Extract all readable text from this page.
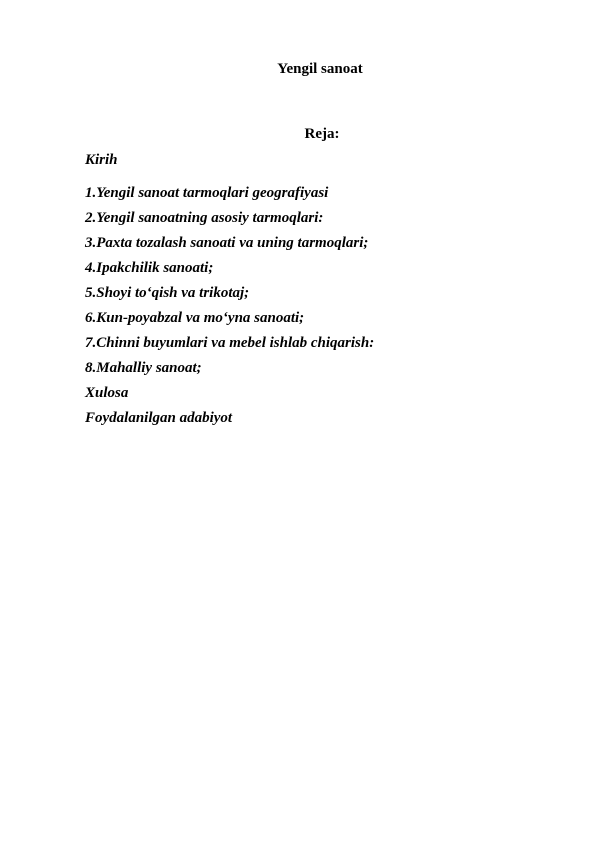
Yengil sanoat

Reja:

Kirih
1.Yengil sanoat tarmoqlari geografiyasi
2.Yengil sanoatning asosiy tarmoqlari:
3.Paxta tozalash sanoati va uning tarmoqlari;
4.Ipakchilik sanoati;
5.Shoyi to‘qish va trikotaj;
6.Kun-poyabzal va mo‘yna sanoati;
7.Chinni buyumlari va mebel ishlab chiqarish:
8.Mahalliy sanoat;
Xulosa
Foydalanilgan adabiyot
